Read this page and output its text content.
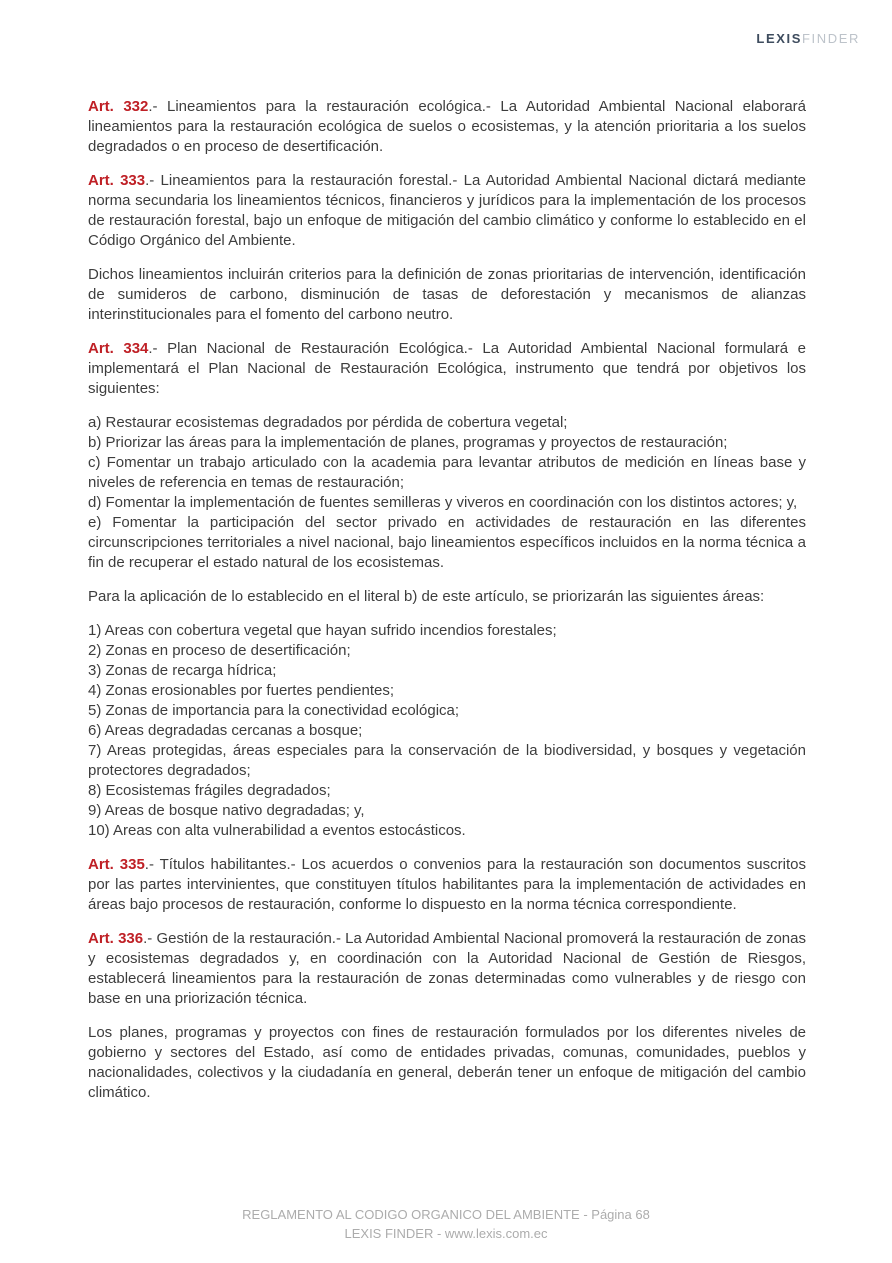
LEXISFINDER

Art. 332.- Lineamientos para la restauración ecológica.- La Autoridad Ambiental Nacional elaborará lineamientos para la restauración ecológica de suelos o ecosistemas, y la atención prioritaria a los suelos degradados o en proceso de desertificación.

Art. 333.- Lineamientos para la restauración forestal.- La Autoridad Ambiental Nacional dictará mediante norma secundaria los lineamientos técnicos, financieros y jurídicos para la implementación de los procesos de restauración forestal, bajo un enfoque de mitigación del cambio climático y conforme lo establecido en el Código Orgánico del Ambiente.

Dichos lineamientos incluirán criterios para la definición de zonas prioritarias de intervención, identificación de sumideros de carbono, disminución de tasas de deforestación y mecanismos de alianzas interinstitucionales para el fomento del carbono neutro.

Art. 334.- Plan Nacional de Restauración Ecológica.- La Autoridad Ambiental Nacional formulará e implementará el Plan Nacional de Restauración Ecológica, instrumento que tendrá por objetivos los siguientes:

a) Restaurar ecosistemas degradados por pérdida de cobertura vegetal;

b) Priorizar las áreas para la implementación de planes, programas y proyectos de restauración;

c) Fomentar un trabajo articulado con la academia para levantar atributos de medición en líneas base y niveles de referencia en temas de restauración;

d) Fomentar la implementación de fuentes semilleras y viveros en coordinación con los distintos actores; y,

e) Fomentar la participación del sector privado en actividades de restauración en las diferentes circunscripciones territoriales a nivel nacional, bajo lineamientos específicos incluidos en la norma técnica a fin de recuperar el estado natural de los ecosistemas.

Para la aplicación de lo establecido en el literal b) de este artículo, se priorizarán las siguientes áreas:

1) Areas con cobertura vegetal que hayan sufrido incendios forestales;

2) Zonas en proceso de desertificación;

3) Zonas de recarga hídrica;

4) Zonas erosionables por fuertes pendientes;

5) Zonas de importancia para la conectividad ecológica;

6) Areas degradadas cercanas a bosque;

7) Areas protegidas, áreas especiales para la conservación de la biodiversidad, y bosques y vegetación protectores degradados;

8) Ecosistemas frágiles degradados;

9) Areas de bosque nativo degradadas; y,

10) Areas con alta vulnerabilidad a eventos estocásticos.

Art. 335.- Títulos habilitantes.- Los acuerdos o convenios para la restauración son documentos suscritos por las partes intervinientes, que constituyen títulos habilitantes para la implementación de actividades en áreas bajo procesos de restauración, conforme lo dispuesto en la norma técnica correspondiente.

Art. 336.- Gestión de la restauración.- La Autoridad Ambiental Nacional promoverá la restauración de zonas y ecosistemas degradados y, en coordinación con la Autoridad Nacional de Gestión de Riesgos, establecerá lineamientos para la restauración de zonas determinadas como vulnerables y de riesgo con base en una priorización técnica.

Los planes, programas y proyectos con fines de restauración formulados por los diferentes niveles de gobierno y sectores del Estado, así como de entidades privadas, comunas, comunidades, pueblos y nacionalidades, colectivos y la ciudadanía en general, deberán tener un enfoque de mitigación del cambio climático.

REGLAMENTO AL CODIGO ORGANICO DEL AMBIENTE - Página 68
LEXIS FINDER - www.lexis.com.ec
